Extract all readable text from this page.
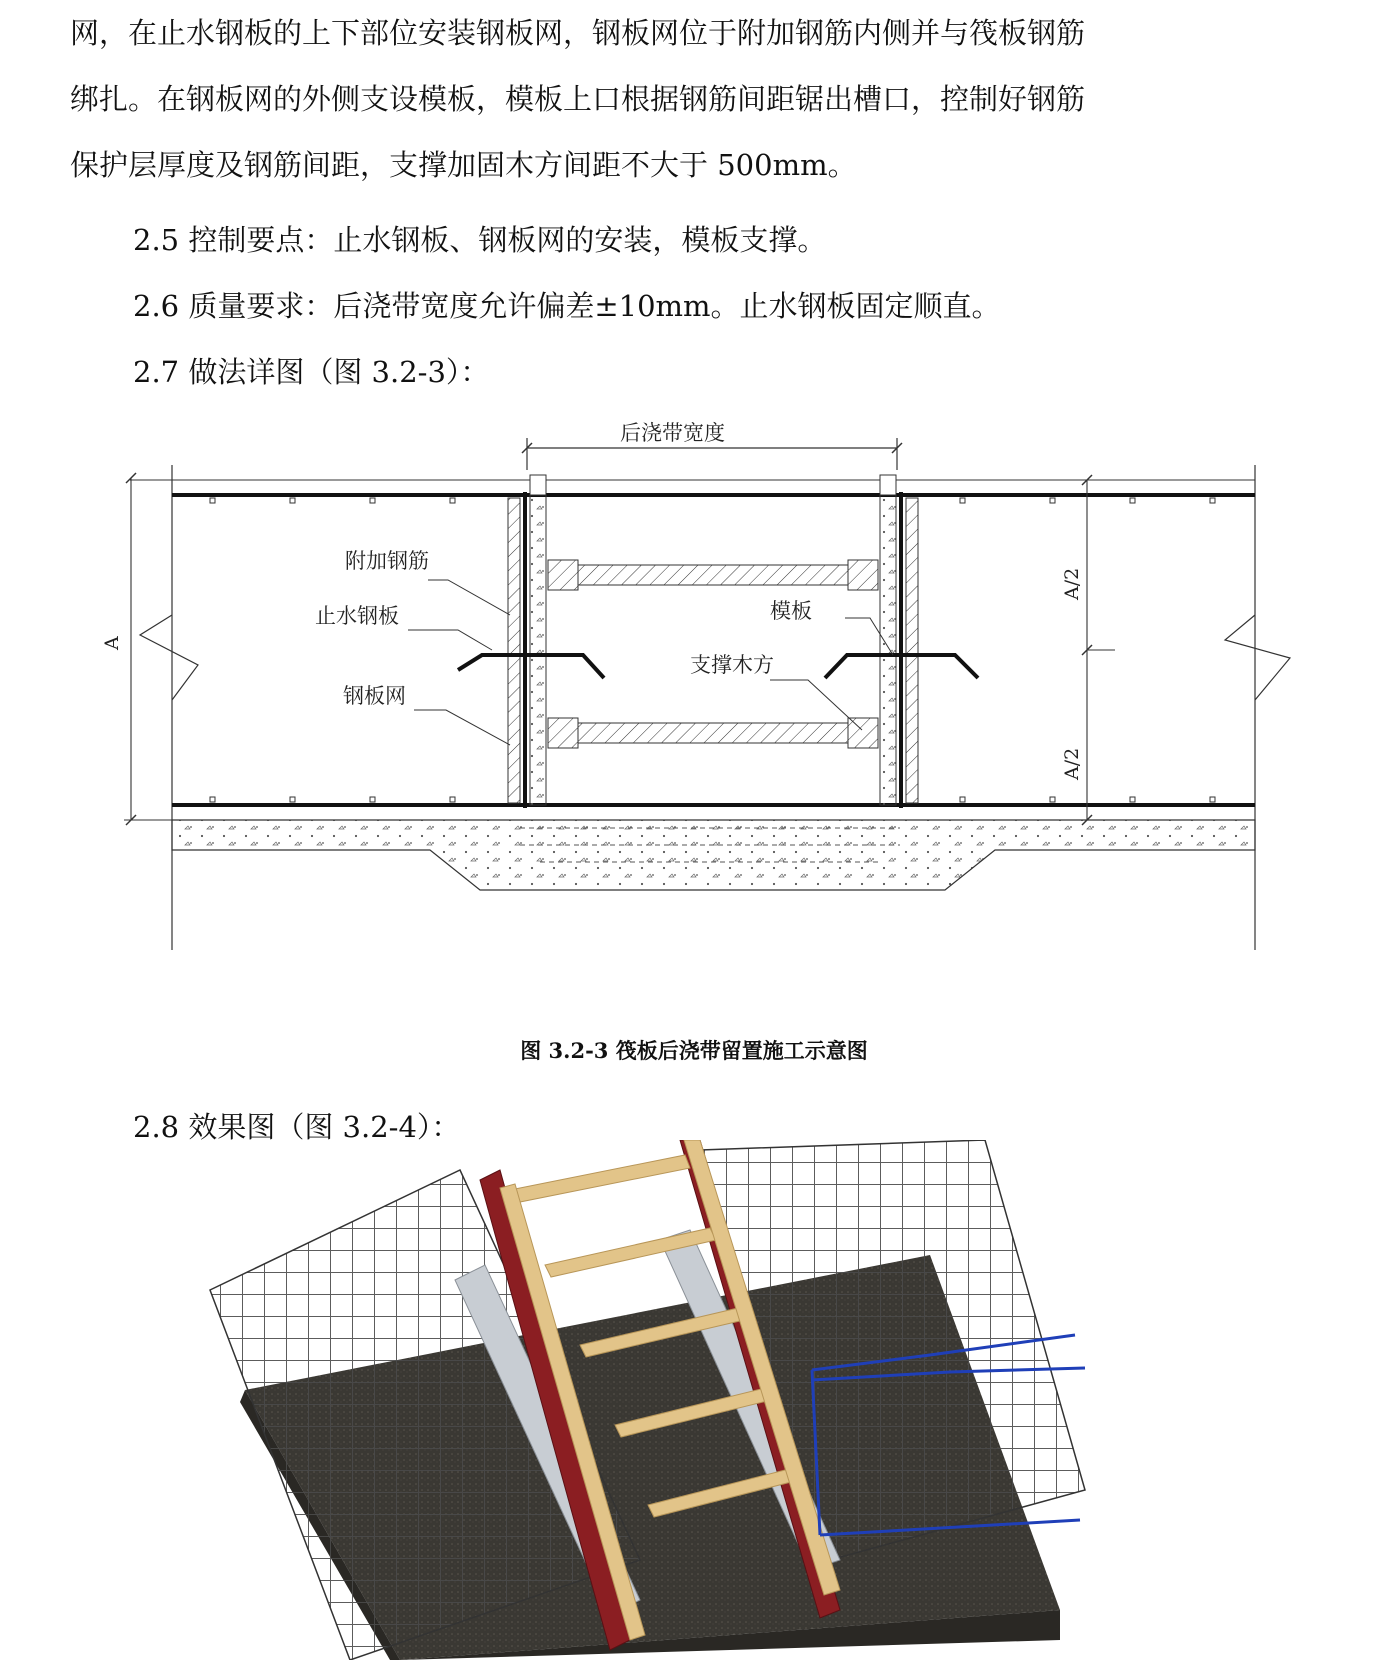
网，在止水钢板的上下部位安装钢板网，钢板网位于附加钢筋内侧并与筏板钢筋
绑扎。在钢板网的外侧支设模板，模板上口根据钢筋间距锯出槽口，控制好钢筋
保护层厚度及钢筋间距，支撑加固木方间距不大于 500mm。
2.5 控制要点：止水钢板、钢板网的安装，模板支撑。
2.6 质量要求：后浇带宽度允许偏差±10mm。止水钢板固定顺直。
2.7 做法详图（图 3.2-3）：
后浇带宽度
A
A/2
A/2
附加钢筋
止水钢板
钢板网
模板
支撑木方
图 3.2-3 筏板后浇带留置施工示意图
2.8 效果图（图 3.2-4）：
